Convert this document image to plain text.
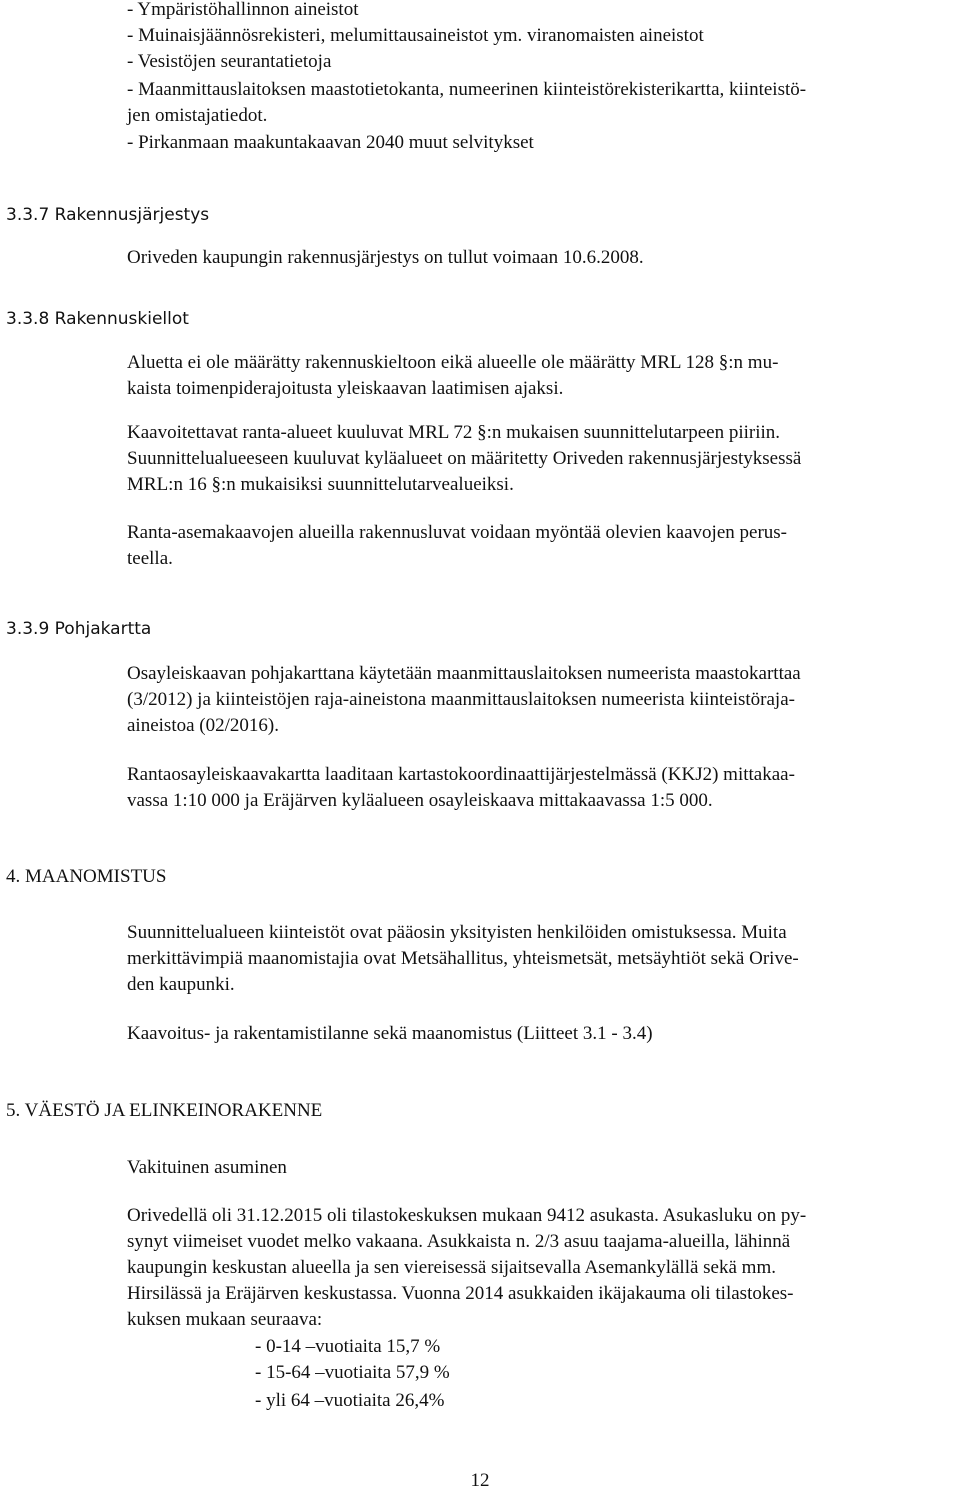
- Ympäristöhallinnon aineistot

- Muinaisjäännösrekisteri, melumittausaineistot ym. viranomaisten aineistot

- Vesistöjen seurantatietoja

- Maanmittauslaitoksen maastotietokanta, numeerinen kiinteistörekisterikartta, kiinteistö-

jen omistajatiedot.

- Pirkanmaan maakuntakaavan 2040 muut selvitykset

3.3.7 Rakennusjärjestys

Oriveden kaupungin rakennusjärjestys on tullut voimaan 10.6.2008.

3.3.8 Rakennuskiellot

Aluetta ei ole määrätty rakennuskieltoon eikä alueelle ole määrätty MRL 128 §:n mu-
kaista toimenpiderajoitusta yleiskaavan laatimisen ajaksi.
Kaavoitettavat ranta-alueet kuuluvat MRL 72 §:n mukaisen suunnittelutarpeen piiriin.
Suunnittelualueeseen kuuluvat kyläalueet on määritetty Oriveden rakennusjärjestyksessä
MRL:n 16 §:n mukaisiksi suunnittelutarvealueiksi.
Ranta-asemakaavojen alueilla rakennusluvat voidaan myöntää olevien kaavojen perus-
teella.

3.3.9 Pohjakartta

Osayleiskaavan pohjakarttana käytetään maanmittauslaitoksen numeerista maastokarttaa
(3/2012) ja kiinteistöjen raja-aineistona maanmittauslaitoksen numeerista kiinteistöraja-
aineistoa (02/2016).
Rantaosayleiskaavakartta laaditaan kartastokoordinaattijärjestelmässä (KKJ2) mittakaa-
vassa 1:10 000 ja Eräjärven kyläalueen osayleiskaava mittakaavassa 1:5 000.

4. MAANOMISTUS

Suunnittelualueen kiinteistöt ovat pääosin yksityisten henkilöiden omistuksessa. Muita
merkittävimpiä maanomistajia ovat Metsähallitus, yhteismetsät, metsäyhtiöt sekä Orive-
den kaupunki.

Kaavoitus- ja rakentamistilanne sekä maanomistus (Liitteet 3.1 - 3.4)

5. VÄESTÖ JA ELINKEINORAKENNE

Vakituinen asuminen

Orivedellä oli 31.12.2015 oli tilastokeskuksen mukaan 9412 asukasta. Asukasluku on py-
synyt viimeiset vuodet melko vakaana. Asukkaista n. 2/3 asuu taajama-alueilla, lähinnä
kaupungin keskustan alueella ja sen viereisessä sijaitsevalla Asemankylällä sekä mm.
Hirsilässä ja Eräjärven keskustassa. Vuonna 2014 asukkaiden ikäjakauma oli tilastokes-
kuksen mukaan seuraava:

- 0-14 –vuotiaita 15,7 %

- 15-64 –vuotiaita 57,9 %

- yli 64 –vuotiaita 26,4%

12
